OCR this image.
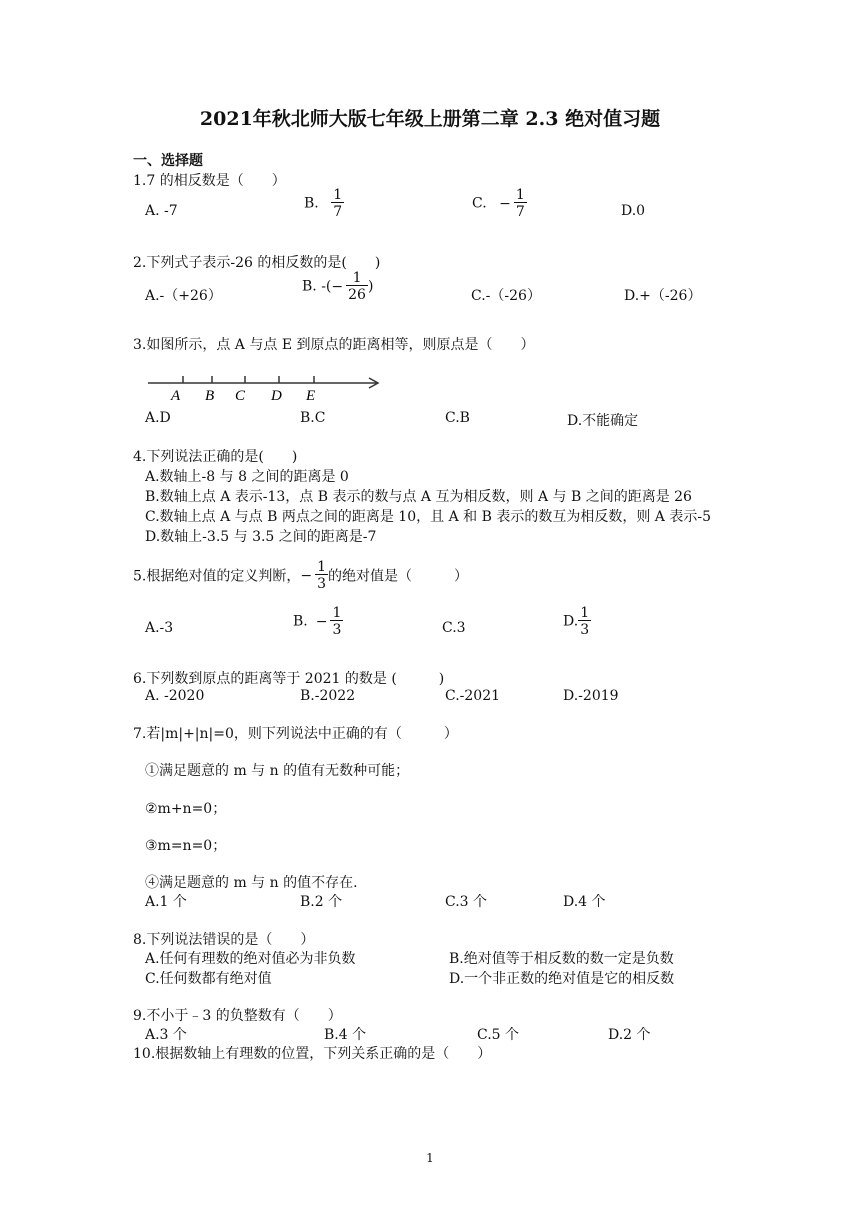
2021年秋北师大版七年级上册第二章 2.3 绝对值习题
一、选择题
1.7 的相反数是（　　）
A. -7	B. $\frac{1}{7}$	C. − $\frac{1}{7}$	D.0
2.下列式子表示-26 的相反数的是(　　)
A.-（+26）
B. -(− $\frac{1}{26}$ )
C.-（-26）	D.+（-26）
3.如图所示，点 A 与点 E 到原点的距离相等，则原点是（　　）
A B C D E
A.D	B.C	C.B	D.不能确定
4.下列说法正确的是(　　)
A.数轴上-8 与 8 之间的距离是 0
B.数轴上点 A 表示-13，点 B 表示的数与点 A 互为相反数，则 A 与 B 之间的距离是 26
C.数轴上点 A 与点 B 两点之间的距离是 10，且 A 和 B 表示的数互为相反数，则 A 表示-5
D.数轴上-3.5 与 3.5 之间的距离是-7
5.根据绝对值的定义判断，− $\frac{1}{3}$ 的绝对值是（　　　）
A.-3	B. − $\frac{1}{3}$	C.3	D. $\frac{1}{3}$
6.下列数到原点的距离等于 2021 的数是 (　　　)
A. -2020	B.-2022	C.-2021	D.-2019
7.若|m|+|n|=0，则下列说法中正确的有（　　　）
①满足题意的 m 与 n 的值有无数种可能；
②m+n=0；
③m=n=0；
④满足题意的 m 与 n 的值不存在.
A.1 个	B.2 个	C.3 个	D.4 个
8.下列说法错误的是（　　）
A.任何有理数的绝对值必为非负数	B.绝对值等于相反数的数一定是负数
C.任何数都有绝对值	D.一个非正数的绝对值是它的相反数
9.不小于﹣3 的负整数有（　　）
A.3 个	B.4 个	C.5 个	D.2 个
10.根据数轴上有理数的位置，下列关系正确的是（　　）
1
